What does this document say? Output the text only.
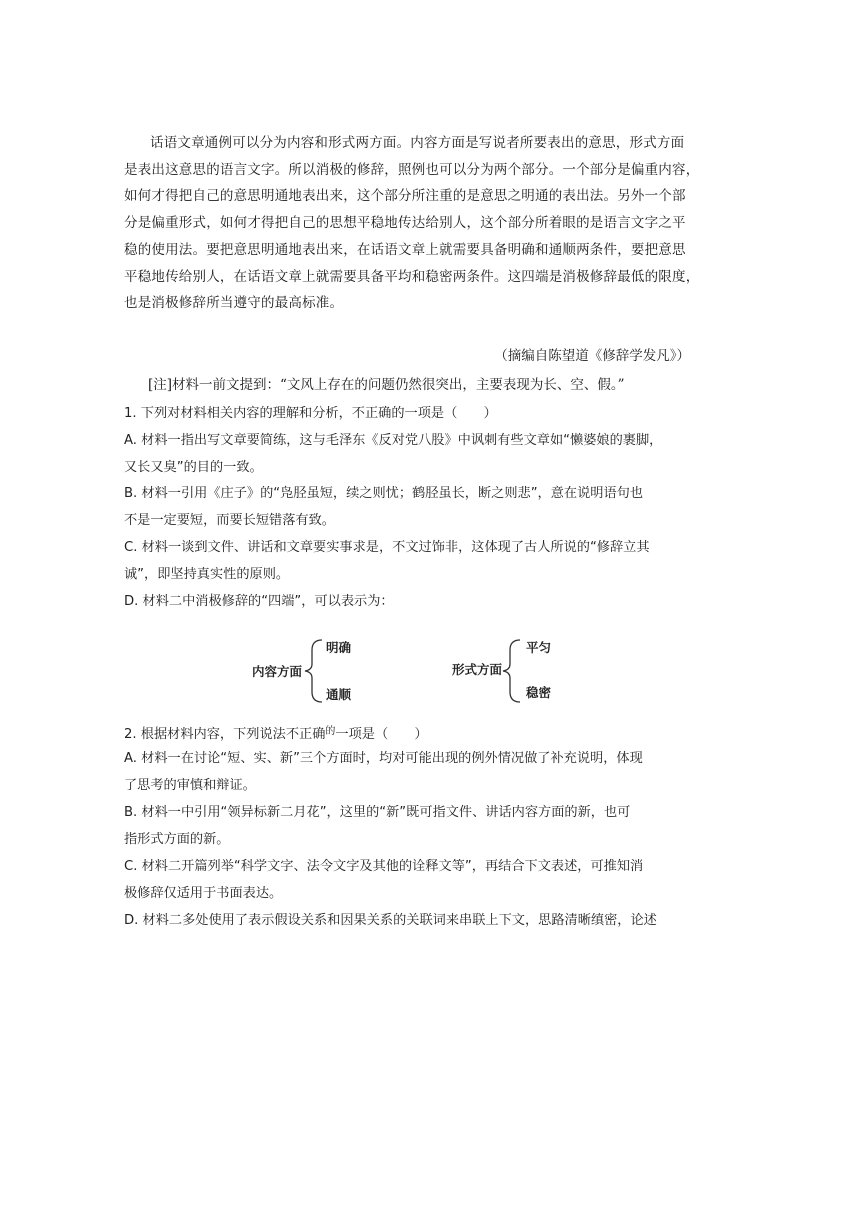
话语文章通例可以分为内容和形式两方面。内容方面是写说者所要表出的意思，形式方面
是表出这意思的语言文字。所以消极的修辞，照例也可以分为两个部分。一个部分是偏重内容，
如何才得把自己的意思明通地表出来，这个部分所注重的是意思之明通的表出法。另外一个部
分是偏重形式，如何才得把自己的思想平稳地传达给别人，这个部分所着眼的是语言文字之平
稳的使用法。要把意思明通地表出来，在话语文章上就需要具备明确和通顺两条件，要把意思
平稳地传给别人，在话语文章上就需要具备平均和稳密两条件。这四端是消极修辞最低的限度，
也是消极修辞所当遵守的最高标准。
（摘编自陈望道《修辞学发凡》）
[注]材料一前文提到：“文风上存在的问题仍然很突出，主要表现为长、空、假。”
1. 下列对材料相关内容的理解和分析，不正确的一项是（　　）
A. 材料一指出写文章要简练，这与毛泽东《反对党八股》中讽刺有些文章如“懒婆娘的裹脚，
又长又臭”的目的一致。
B. 材料一引用《庄子》的“凫胫虽短，续之则忧；鹤胫虽长，断之则悲”，意在说明语句也
不是一定要短，而要长短错落有致。
C. 材料一谈到文件、讲话和文章要实事求是，不文过饰非，这体现了古人所说的“修辞立其
诚”，即坚持真实性的原则。
D. 材料二中消极修辞的“四端”，可以表示为：
内容方面
明确
通顺
形式方面
平匀
稳密
2. 根据材料内容，下列说法不正确$^的$一项是（　　）
A. 材料一在讨论“短、实、新”三个方面时，均对可能出现的例外情况做了补充说明，体现
了思考的审慎和辩证。
B. 材料一中引用“领异标新二月花”，这里的“新”既可指文件、讲话内容方面的新，也可
指形式方面的新。
C. 材料二开篇列举“科学文字、法令文字及其他的诠释文等”，再结合下文表述，可推知消
极修辞仅适用于书面表达。
D. 材料二多处使用了表示假设关系和因果关系的关联词来串联上下文，思路清晰缜密，论述
